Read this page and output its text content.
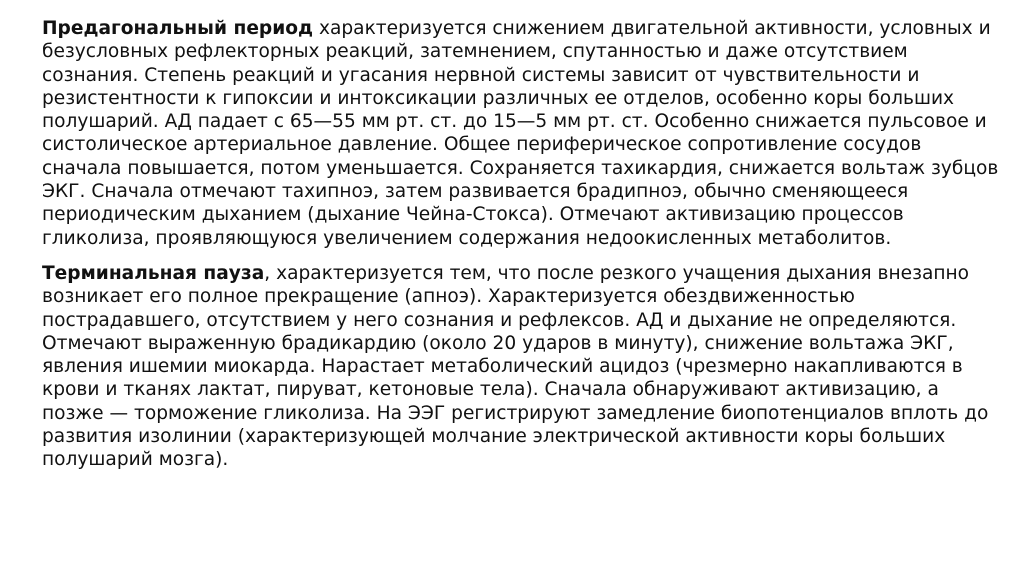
Предагональный период характеризуется снижением двигательной активности, условных и безусловных рефлекторных реакций, затемнением, спутанностью и даже отсутствием сознания. Степень реакций и угасания нервной системы зависит от чувствительности и резистентности к гипоксии и интоксикации различных ее отделов, особенно коры больших полушарий. АД падает с 65—55 мм рт. ст. до 15—5 мм рт. ст. Особенно снижается пульсовое и систолическое артериальное давление. Общее периферическое сопротивление сосудов сначала повышается, потом уменьшается. Сохраняется тахикардия, снижается вольтаж зубцов ЭКГ. Сначала отмечают тахипноэ, затем развивается брадипноэ, обычно сменяющееся периодическим дыханием (дыхание Чейна-Стокса). Отмечают активизацию процессов гликолиза, проявляющуюся увеличением содержания недоокисленных метаболитов.

Терминальная пауза, характеризуется тем, что после резкого учащения дыхания внезапно возникает его полное прекращение (апноэ). Характеризуется обездвиженностью пострадавшего, отсутствием у него сознания и рефлексов. АД и дыхание не определяются. Отмечают выраженную брадикардию (около 20 ударов в минуту), снижение вольтажа ЭКГ, явления ишемии миокарда. Нарастает метаболический ацидоз (чрезмерно накапливаются в крови и тканях лактат, пируват, кетоновые тела). Сначала обнаруживают активизацию, а позже — торможение гликолиза. На ЭЭГ регистрируют замедление биопотенциалов вплоть до развития изолинии (характеризующей молчание электрической активности коры больших полушарий мозга).
